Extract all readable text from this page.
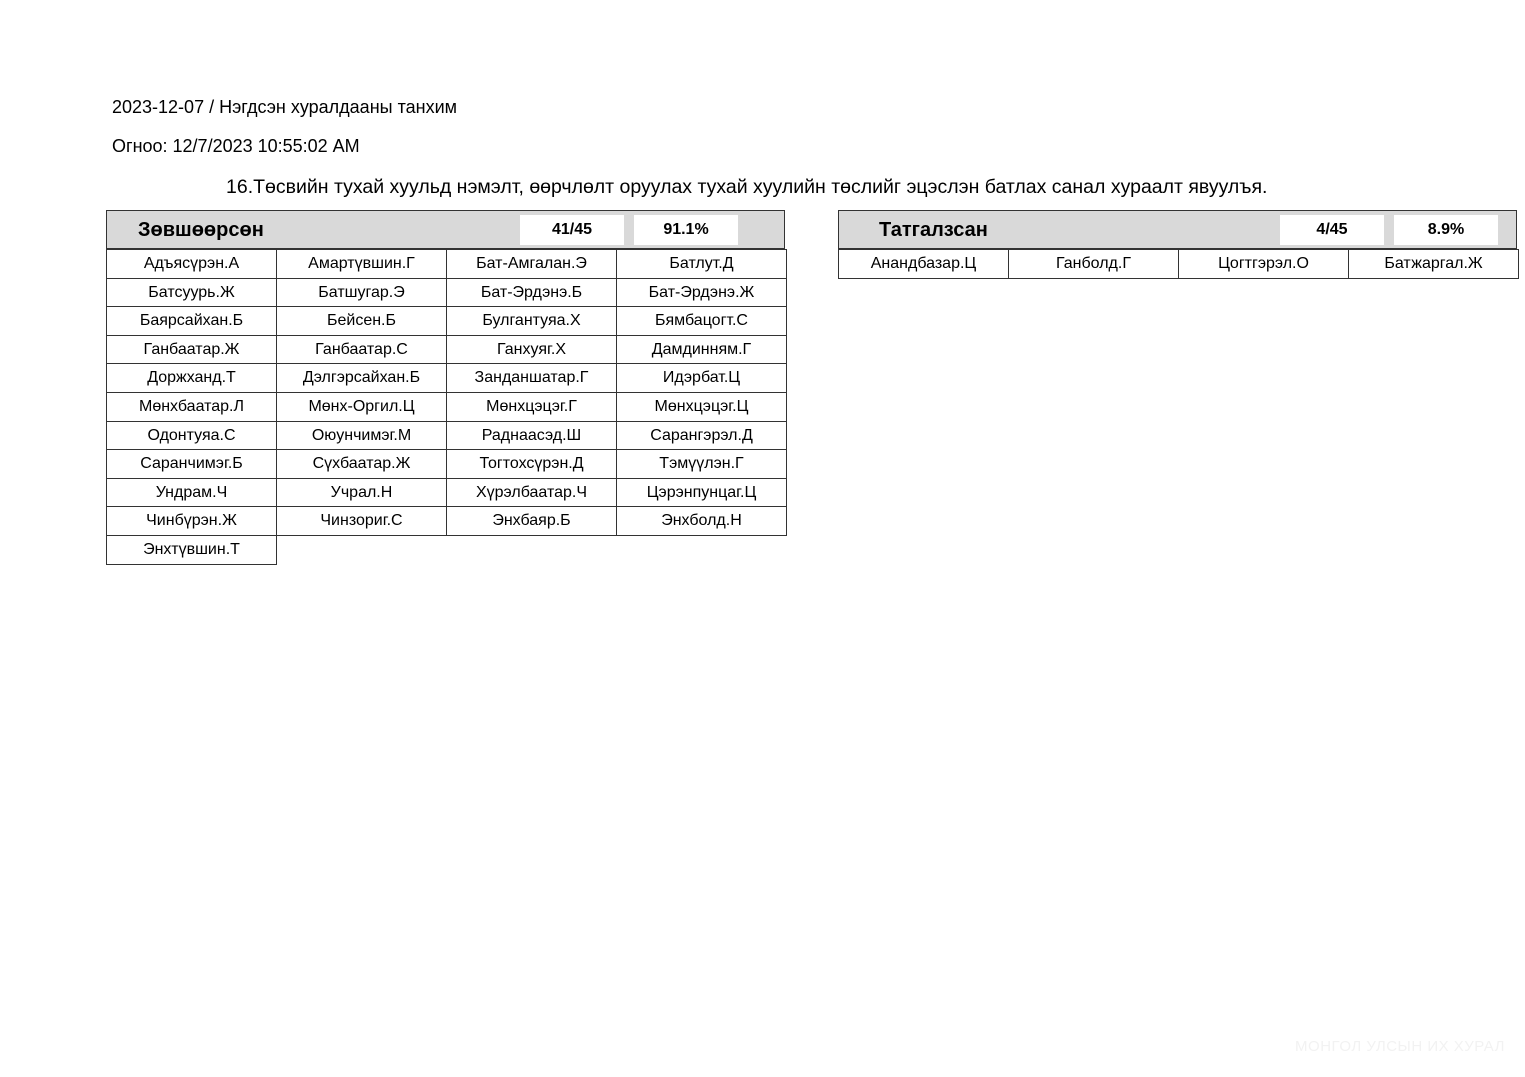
2023-12-07 / Нэгдсэн хуралдааны танхим
Огноо: 12/7/2023 10:55:02 AM
16.Төсвийн тухай хуульд нэмэлт, өөрчлөлт оруулах тухай хуулийн төслийг эцэслэн батлах санал хураалт явуулъя.
Зөвшөөрсөн	41/45	91.1%
Адъясүрэн.А	Амартүвшин.Г	Бат-Амгалан.Э	Батлут.Д
Батсуурь.Ж	Батшугар.Э	Бат-Эрдэнэ.Б	Бат-Эрдэнэ.Ж
Баярсайхан.Б	Бейсен.Б	Булгантуяа.Х	Бямбацогт.С
Ганбаатар.Ж	Ганбаатар.С	Ганхуяг.Х	Дамдинням.Г
Доржханд.Т	Дэлгэрсайхан.Б	Занданшатар.Г	Идэрбат.Ц
Мөнхбаатар.Л	Мөнх-Оргил.Ц	Мөнхцэцэг.Г	Мөнхцэцэг.Ц
Одонтуяа.С	Оюунчимэг.М	Раднаасэд.Ш	Сарангэрэл.Д
Саранчимэг.Б	Сүхбаатар.Ж	Тогтохсүрэн.Д	Тэмүүлэн.Г
Ундрам.Ч	Учрал.Н	Хүрэлбаатар.Ч	Цэрэнпунцаг.Ц
Чинбүрэн.Ж	Чинзориг.С	Энхбаяр.Б	Энхболд.Н
Энхтүвшин.Т
Татгалзсан	4/45	8.9%
Анандбазар.Ц	Ганболд.Г	Цогтгэрэл.О	Батжаргал.Ж
МОНГОЛ УЛСЫН ИХ ХУРАЛ
